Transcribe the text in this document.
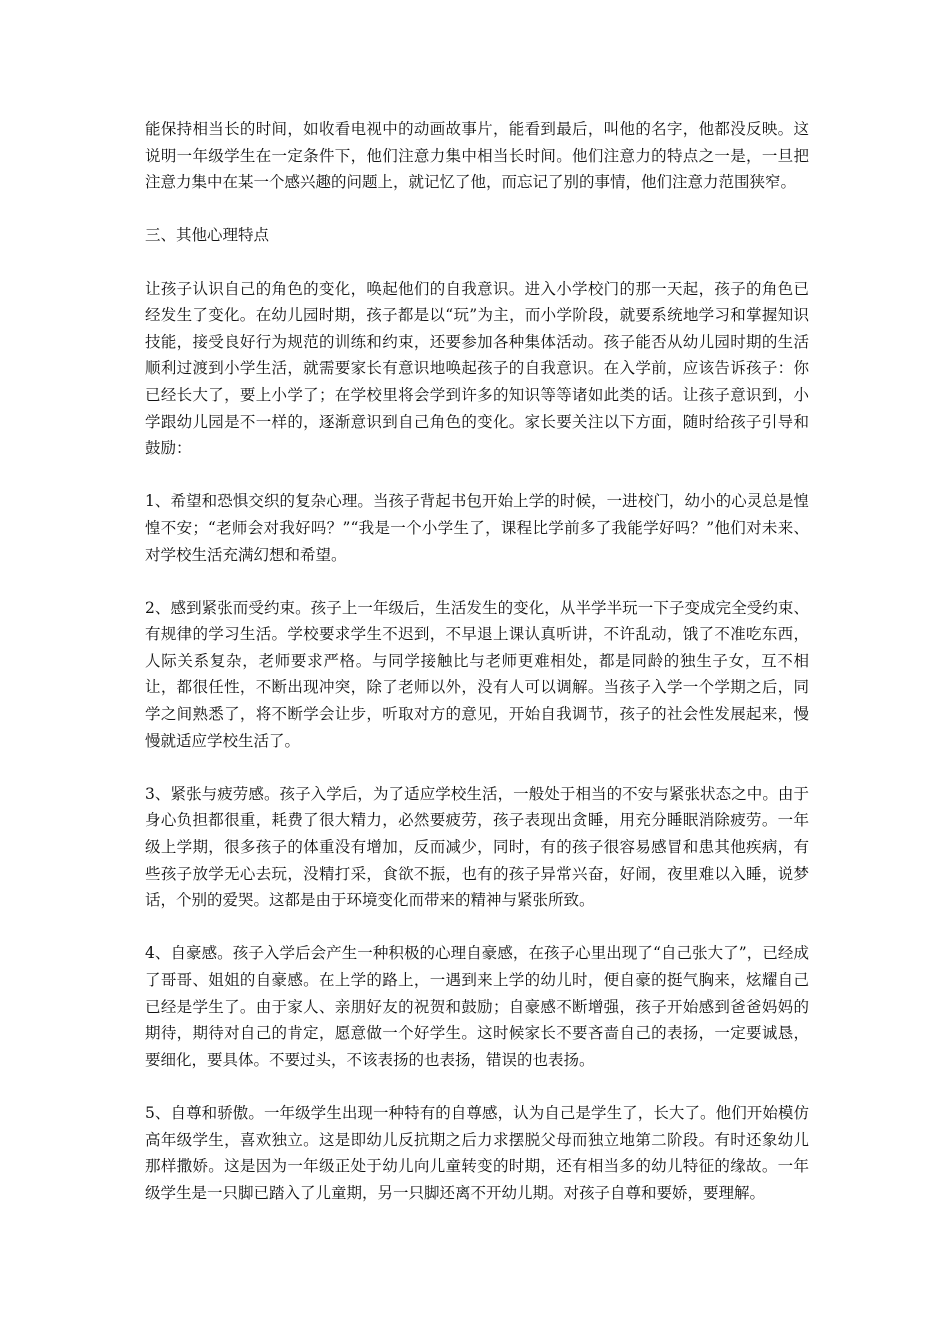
能保持相当长的时间，如收看电视中的动画故事片，能看到最后，叫他的名字，他都没反映。这说明一年级学生在一定条件下，他们注意力集中相当长时间。他们注意力的特点之一是，一旦把注意力集中在某一个感兴趣的问题上，就记忆了他，而忘记了别的事情，他们注意力范围狭窄。

三、其他心理特点

让孩子认识自己的角色的变化，唤起他们的自我意识。进入小学校门的那一天起，孩子的角色已经发生了变化。在幼儿园时期，孩子都是以“玩”为主，而小学阶段，就要系统地学习和掌握知识技能，接受良好行为规范的训练和约束，还要参加各种集体活动。孩子能否从幼儿园时期的生活顺利过渡到小学生活，就需要家长有意识地唤起孩子的自我意识。在入学前，应该告诉孩子：你已经长大了，要上小学了；在学校里将会学到许多的知识等等诸如此类的话。让孩子意识到，小学跟幼儿园是不一样的，逐渐意识到自己角色的变化。家长要关注以下方面，随时给孩子引导和鼓励：

1、希望和恐惧交织的复杂心理。当孩子背起书包开始上学的时候，一进校门，幼小的心灵总是惶惶不安；“老师会对我好吗？”“我是一个小学生了，课程比学前多了我能学好吗？”他们对未来、对学校生活充满幻想和希望。

2、感到紧张而受约束。孩子上一年级后，生活发生的变化，从半学半玩一下子变成完全受约束、有规律的学习生活。学校要求学生不迟到，不早退上课认真听讲，不许乱动，饿了不准吃东西，人际关系复杂，老师要求严格。与同学接触比与老师更难相处，都是同龄的独生子女，互不相让，都很任性，不断出现冲突，除了老师以外，没有人可以调解。当孩子入学一个学期之后，同学之间熟悉了，将不断学会让步，听取对方的意见，开始自我调节，孩子的社会性发展起来，慢慢就适应学校生活了。

3、紧张与疲劳感。孩子入学后，为了适应学校生活，一般处于相当的不安与紧张状态之中。由于身心负担都很重，耗费了很大精力，必然要疲劳，孩子表现出贪睡，用充分睡眠消除疲劳。一年级上学期，很多孩子的体重没有增加，反而减少，同时，有的孩子很容易感冒和患其他疾病，有些孩子放学无心去玩，没精打采，食欲不振，也有的孩子异常兴奋，好闹，夜里难以入睡，说梦话，个别的爱哭。这都是由于环境变化而带来的精神与紧张所致。

4、自豪感。孩子入学后会产生一种积极的心理自豪感，在孩子心里出现了“自己张大了”，已经成了哥哥、姐姐的自豪感。在上学的路上，一遇到来上学的幼儿时，便自豪的挺气胸来，炫耀自己已经是学生了。由于家人、亲朋好友的祝贺和鼓励；自豪感不断增强，孩子开始感到爸爸妈妈的期待，期待对自己的肯定，愿意做一个好学生。这时候家长不要吝啬自己的表扬，一定要诚恳，要细化，要具体。不要过头，不该表扬的也表扬，错误的也表扬。

5、自尊和骄傲。一年级学生出现一种特有的自尊感，认为自己是学生了，长大了。他们开始模仿高年级学生，喜欢独立。这是即幼儿反抗期之后力求摆脱父母而独立地第二阶段。有时还象幼儿那样撒娇。这是因为一年级正处于幼儿向儿童转变的时期，还有相当多的幼儿特征的缘故。一年级学生是一只脚已踏入了儿童期，另一只脚还离不开幼儿期。对孩子自尊和要娇，要理解。
